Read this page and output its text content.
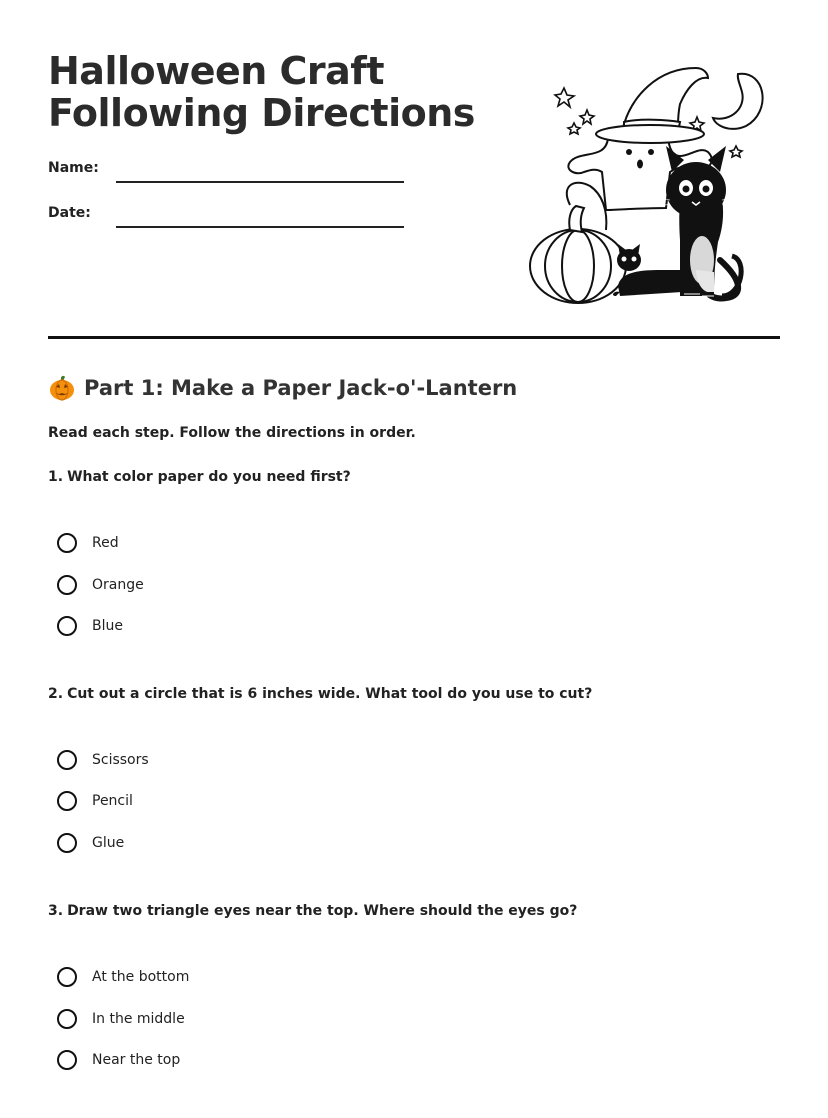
Halloween Craft
Following Directions
Name:
Date:
Part 1: Make a Paper Jack-o'-Lantern
Read each step. Follow the directions in order.
1. What color paper do you need first?
Red
Orange
Blue
2. Cut out a circle that is 6 inches wide. What tool do you use to cut?
Scissors
Pencil
Glue
3. Draw two triangle eyes near the top. Where should the eyes go?
At the bottom
In the middle
Near the top
